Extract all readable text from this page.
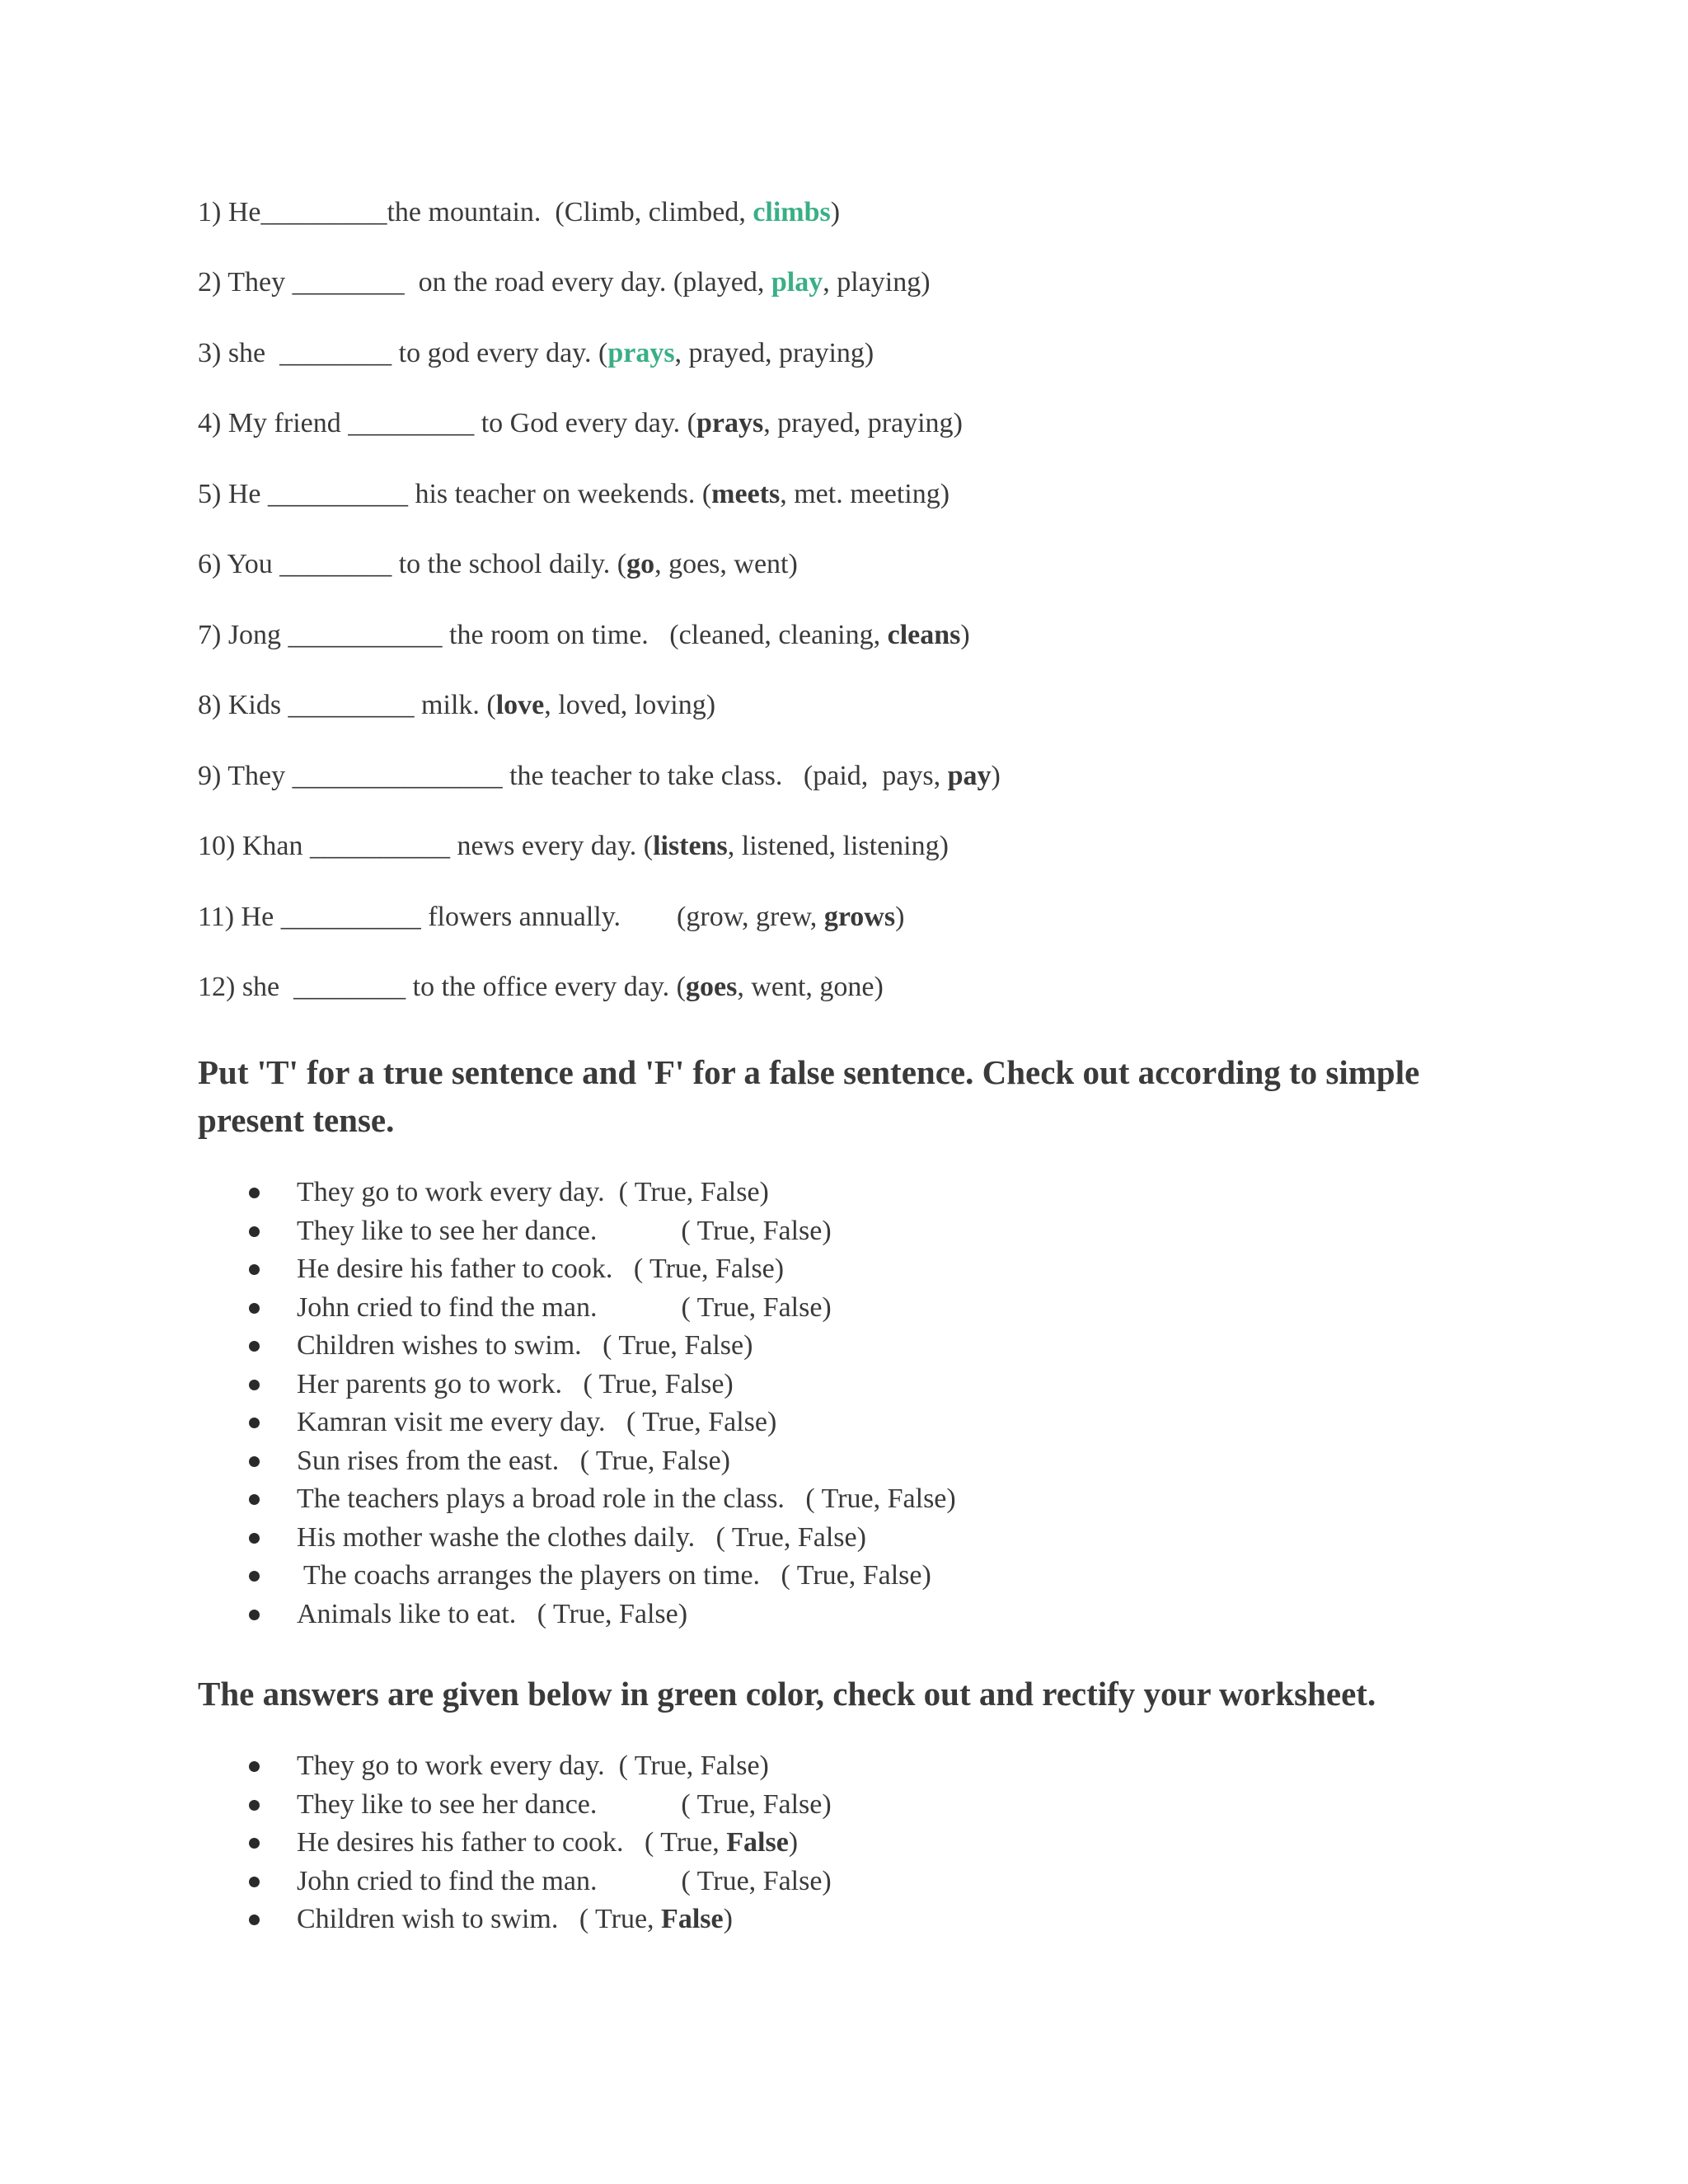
1) He_________the mountain.  (Climb, climbed, climbs)
2) They ________  on the road every day. (played, play, playing)
3) she  ________ to god every day. (prays, prayed, praying)
4) My friend _________ to God every day. (prays, prayed, praying)
5) He __________ his teacher on weekends. (meets, met. meeting)
6) You ________ to the school daily. (go, goes, went)
7) Jong ___________ the room on time.   (cleaned, cleaning, cleans)
8) Kids _________ milk. (love, loved, loving)
9) They _______________ the teacher to take class.   (paid,  pays, pay)
10) Khan __________ news every day. (listens, listened, listening)
11) He __________ flowers annually.        (grow, grew, grows)
12) she  ________ to the office every day. (goes, went, gone)
Put 'T' for a true sentence and 'F' for a false sentence. Check out according to simple present tense.
They go to work every day.  ( True, False)
They like to see her dance.            ( True, False)
He desire his father to cook.   ( True, False)
John cried to find the man.            ( True, False)
Children wishes to swim.   ( True, False)
Her parents go to work.   ( True, False)
Kamran visit me every day.   ( True, False)
Sun rises from the east.   ( True, False)
The teachers plays a broad role in the class.   ( True, False)
His mother washe the clothes daily.   ( True, False)
The coachs arranges the players on time.   ( True, False)
Animals like to eat.   ( True, False)
The answers are given below in green color, check out and rectify your worksheet.
They go to work every day.  ( True, False)
They like to see her dance.            ( True, False)
He desires his father to cook.   ( True, False)
John cried to find the man.            ( True, False)
Children wish to swim.   ( True, False)
